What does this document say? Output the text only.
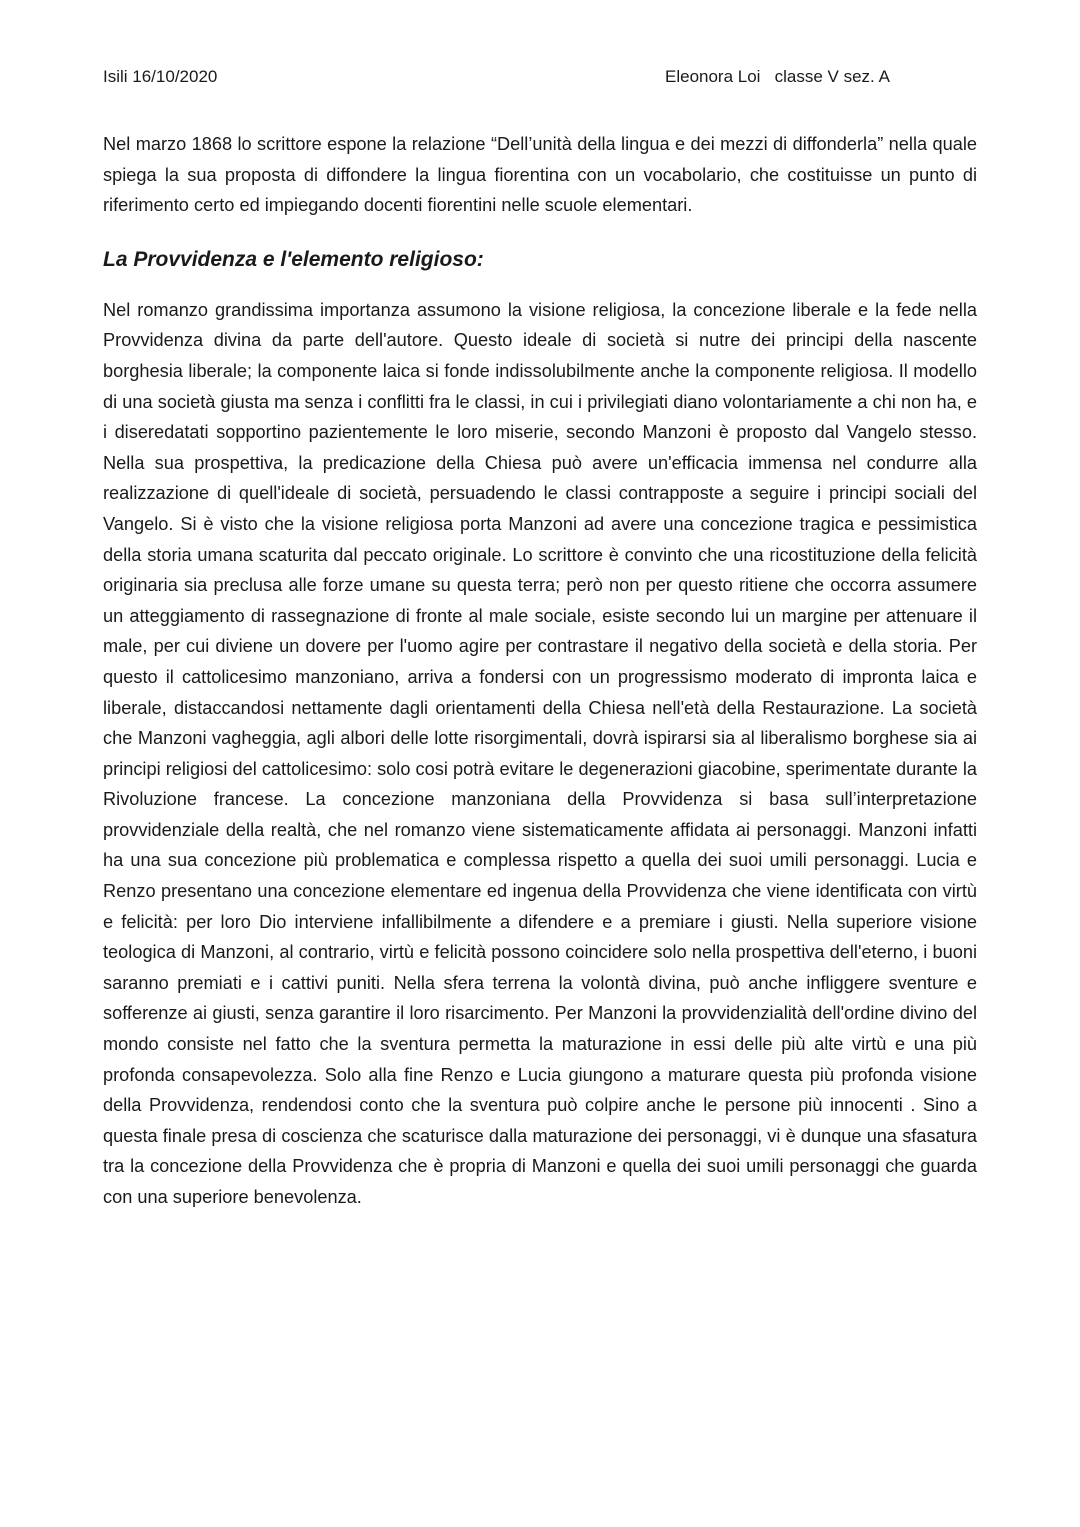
Isili 16/10/2020	Eleonora Loi   classe V sez. A

Nel marzo 1868 lo scrittore espone la relazione “Dell’unità della lingua e dei mezzi di diffonderla” nella quale spiega la sua proposta di diffondere la lingua fiorentina con un vocabolario, che costituisse un punto di riferimento certo ed impiegando docenti fiorentini nelle scuole elementari.

La Provvidenza e l'elemento religioso:

Nel romanzo grandissima importanza assumono la visione religiosa, la concezione liberale e la fede nella Provvidenza divina da parte dell'autore. Questo ideale di società si nutre dei principi della nascente borghesia liberale; la componente laica si fonde indissolubilmente anche la componente religiosa. Il modello di una società giusta ma senza i conflitti fra le classi, in cui i privilegiati diano volontariamente a chi non ha, e i diseredatati sopportino pazientemente le loro miserie, secondo Manzoni è proposto dal Vangelo stesso. Nella sua prospettiva, la predicazione della Chiesa può avere un'efficacia immensa nel condurre alla realizzazione di quell'ideale di società, persuadendo le classi contrapposte a seguire i principi sociali del Vangelo. Si è visto che la visione religiosa porta Manzoni ad avere una concezione tragica e pessimistica della storia umana scaturita dal peccato originale. Lo scrittore è convinto che una ricostituzione della felicità originaria sia preclusa alle forze umane su questa terra; però non per questo ritiene che occorra assumere un atteggiamento di rassegnazione di fronte al male sociale, esiste secondo lui un margine per attenuare il male, per cui diviene un dovere per l'uomo agire per contrastare il negativo della società e della storia. Per questo il cattolicesimo manzoniano, arriva a fondersi con un progressismo moderato di impronta laica e liberale, distaccandosi nettamente dagli orientamenti della Chiesa nell'età della Restaurazione. La società che Manzoni vagheggia, agli albori delle lotte risorgimentali, dovrà ispirarsi sia al liberalismo borghese sia ai principi religiosi del cattolicesimo: solo cosi potrà evitare le degenerazioni giacobine, sperimentate durante la Rivoluzione francese. La concezione manzoniana della Provvidenza si basa sull’interpretazione provvidenziale della realtà, che nel romanzo viene sistematicamente affidata ai personaggi. Manzoni infatti ha una sua concezione più problematica e complessa rispetto a quella dei suoi umili personaggi. Lucia e Renzo presentano una concezione elementare ed ingenua della Provvidenza che viene identificata con virtù e felicità: per loro Dio interviene infallibilmente a difendere e a premiare i giusti. Nella superiore visione teologica di Manzoni, al contrario, virtù e felicità possono coincidere solo nella prospettiva dell'eterno, i buoni saranno premiati e i cattivi puniti. Nella sfera terrena la volontà divina, può anche infliggere sventure e sofferenze ai giusti, senza garantire il loro risarcimento. Per Manzoni la provvidenzialità dell'ordine divino del mondo consiste nel fatto che la sventura permetta la maturazione in essi delle più alte virtù e una più profonda consapevolezza. Solo alla fine Renzo e Lucia giungono a maturare questa più profonda visione della Provvidenza, rendendosi conto che la sventura può colpire anche le persone più innocenti . Sino a questa finale presa di coscienza che scaturisce dalla maturazione dei personaggi, vi è dunque una sfasatura tra la concezione della Provvidenza che è propria di Manzoni e quella dei suoi umili personaggi che guarda con una superiore benevolenza.
